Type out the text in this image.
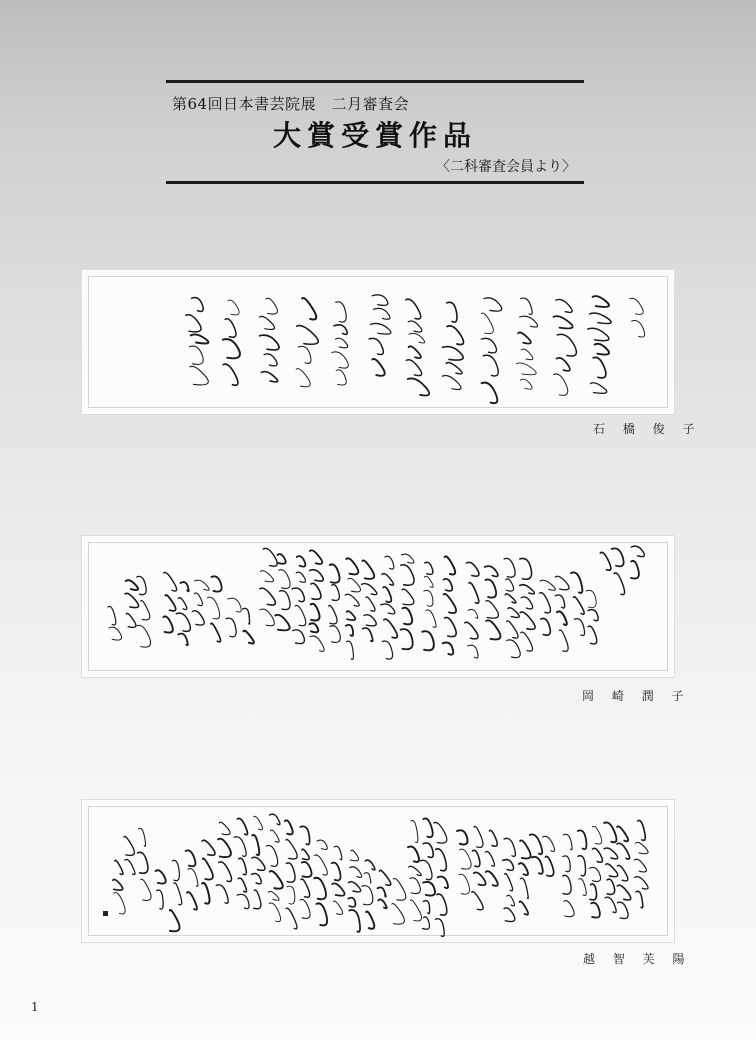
第64回日本書芸院展　二月審査会
大賞受賞作品
〈二科審査会員より〉
石 橋 俊 子
岡 崎 潤 子
越 智 芙 陽
1
